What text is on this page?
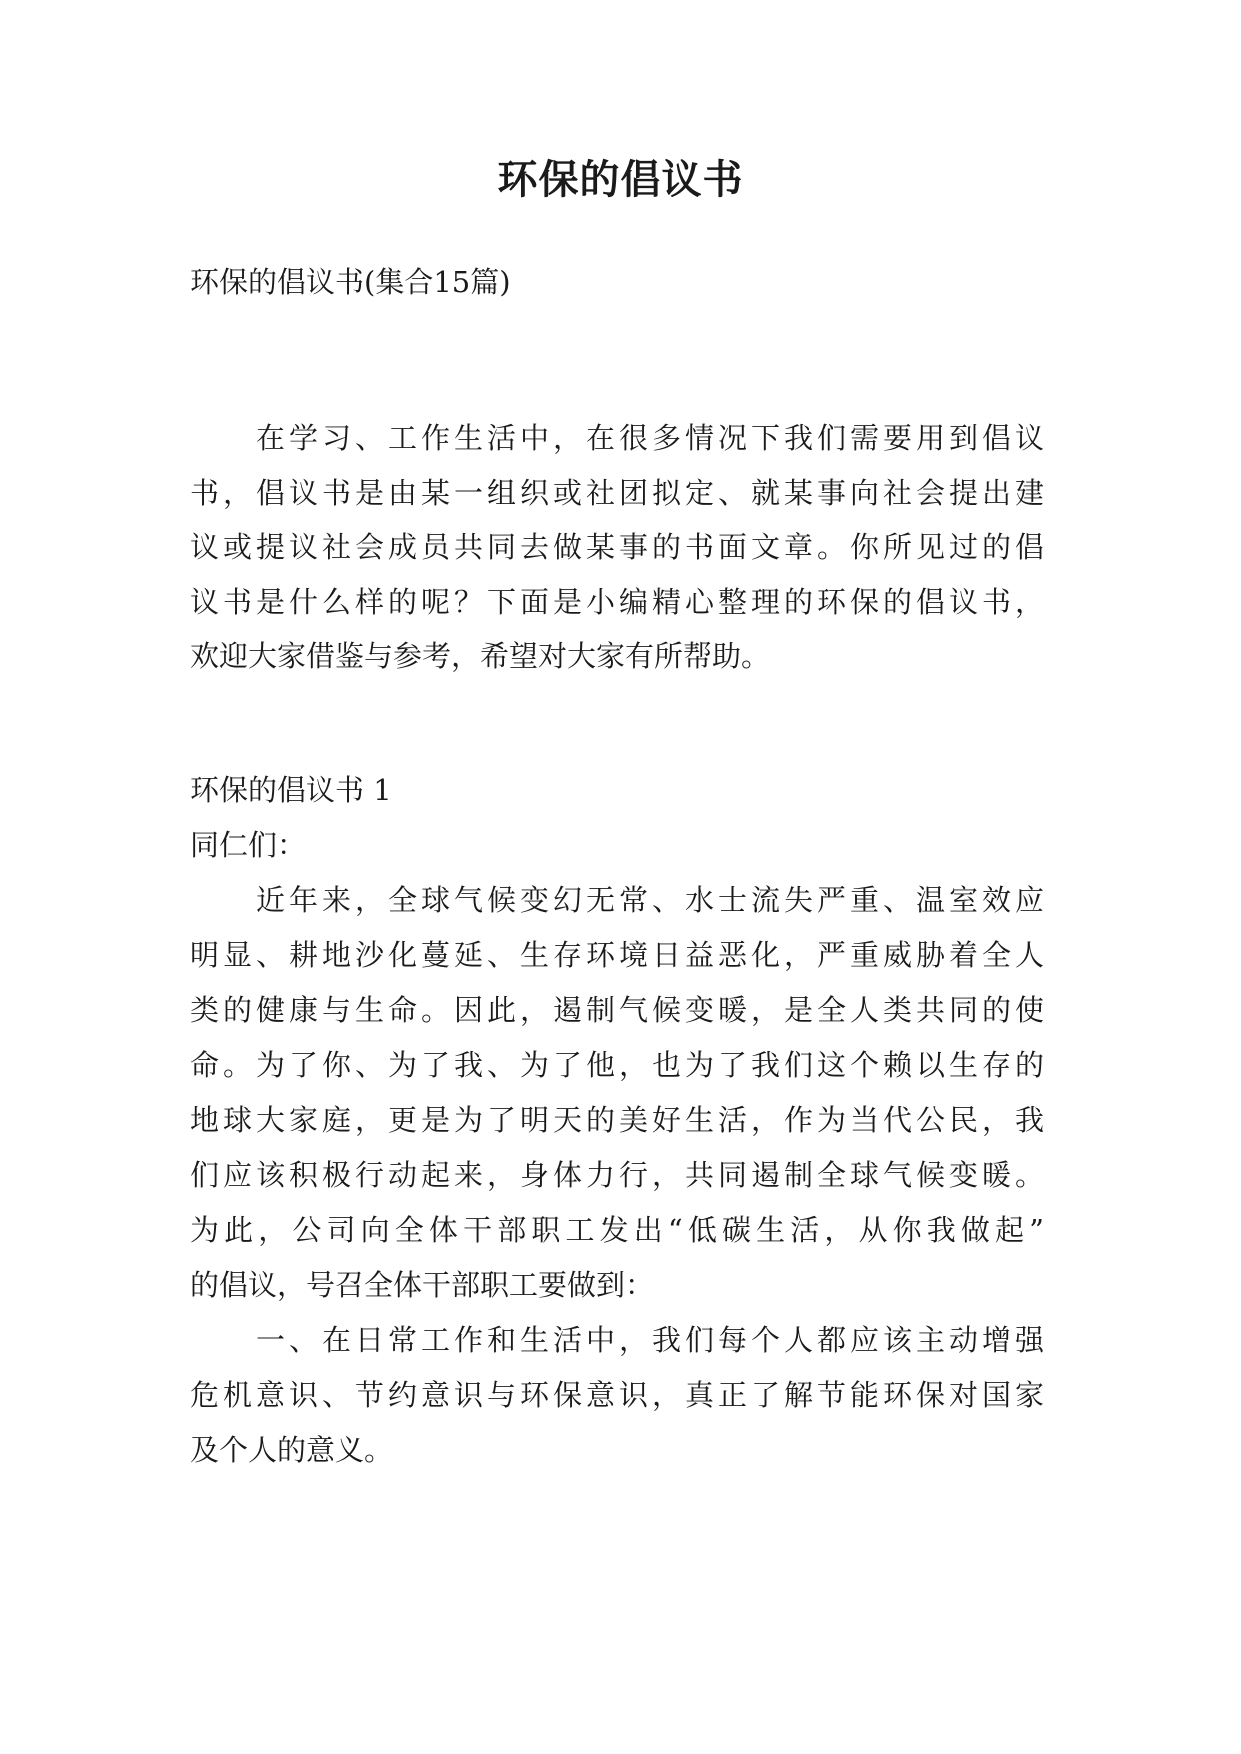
环保的倡议书

环保的倡议书(集合15篇)

在学习、工作生活中，在很多情况下我们需要用到倡议
书，倡议书是由某一组织或社团拟定、就某事向社会提出建
议或提议社会成员共同去做某事的书面文章。你所见过的倡
议书是什么样的呢？下面是小编精心整理的环保的倡议书，
欢迎大家借鉴与参考，希望对大家有所帮助。

环保的倡议书 1

同仁们：

近年来，全球气候变幻无常、水士流失严重、温室效应
明显、耕地沙化蔓延、生存环境日益恶化，严重威胁着全人
类的健康与生命。因此，遏制气候变暖，是全人类共同的使
命。为了你、为了我、为了他，也为了我们这个赖以生存的
地球大家庭，更是为了明天的美好生活，作为当代公民，我
们应该积极行动起来，身体力行，共同遏制全球气候变暖。
为此，公司向全体干部职工发出“低碳生活，从你我做起”
的倡议，号召全体干部职工要做到：
一、在日常工作和生活中，我们每个人都应该主动增强
危机意识、节约意识与环保意识，真正了解节能环保对国家
及个人的意义。
